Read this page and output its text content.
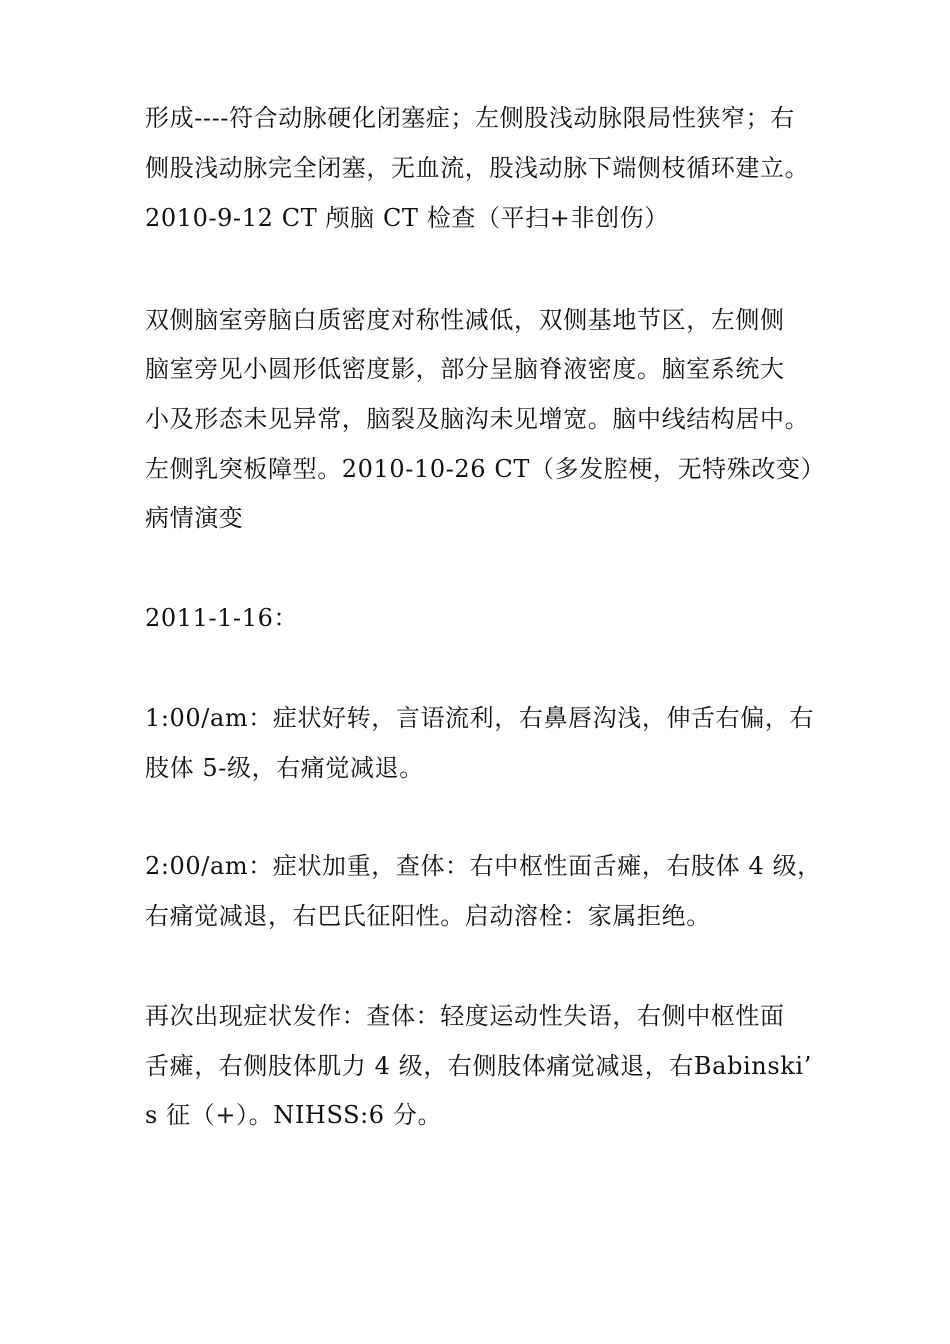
形成----符合动脉硬化闭塞症；左侧股浅动脉限局性狭窄；右
侧股浅动脉完全闭塞，无血流，股浅动脉下端侧枝循环建立。
2010-9-12 CT 颅脑 CT 检查（平扫+非创伤）
双侧脑室旁脑白质密度对称性减低，双侧基地节区，左侧侧
脑室旁见小圆形低密度影，部分呈脑脊液密度。脑室系统大
小及形态未见异常，脑裂及脑沟未见增宽。脑中线结构居中。
左侧乳突板障型。2010-10-26 CT（多发腔梗，无特殊改变）
病情演变
2011-1-16：
1:00/am：症状好转，言语流利，右鼻唇沟浅，伸舌右偏，右
肢体 5-级，右痛觉减退。
2:00/am：症状加重，查体：右中枢性面舌瘫，右肢体 4 级，
右痛觉减退，右巴氏征阳性。启动溶栓：家属拒绝。
再次出现症状发作：查体：轻度运动性失语，右侧中枢性面
舌瘫，右侧肢体肌力 4 级，右侧肢体痛觉减退，右Babinski’
s 征（+）。NIHSS:6 分。
